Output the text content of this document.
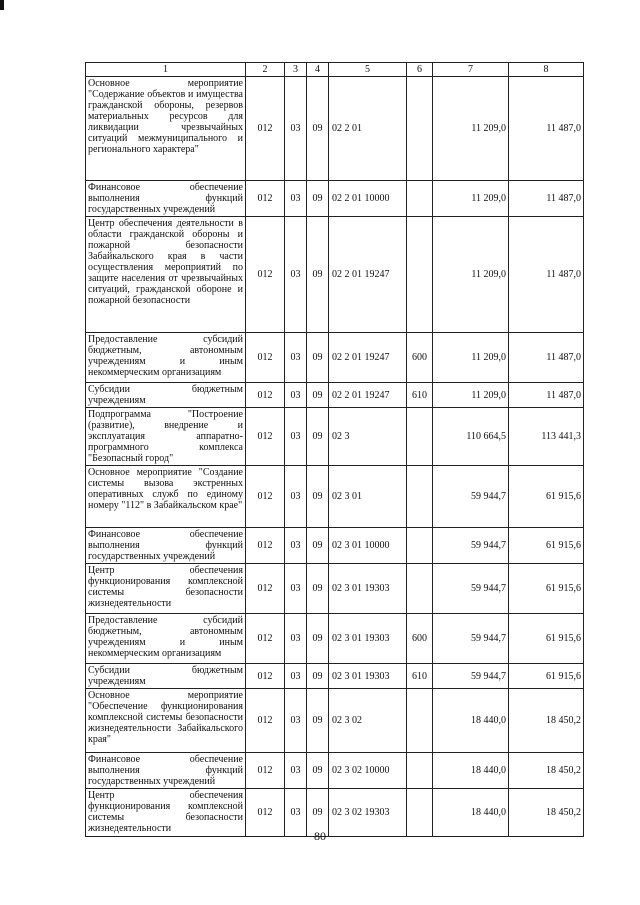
1	2	3	4	5	6	7	8
Основное мероприятие "Содержание объектов и имущества гражданской обороны, резервов материальных ресурсов для ликвидации чрезвычайных ситуаций межмуниципального и регионального характера"	012	03	09	02 2 01		11 209,0	11 487,0
Финансовое обеспечение выполнения функций государственных учреждений	012	03	09	02 2 01 10000		11 209,0	11 487,0
Центр обеспечения деятельности в области гражданской обороны и пожарной безопасности Забайкальского края в части осуществления мероприятий по защите населения от чрезвычайных ситуаций, гражданской обороне и пожарной безопасности	012	03	09	02 2 01 19247		11 209,0	11 487,0
Предоставление субсидий бюджетным, автономным учреждениям и иным некоммерческим организациям	012	03	09	02 2 01 19247	600	11 209,0	11 487,0
Субсидии бюджетным учреждениям	012	03	09	02 2 01 19247	610	11 209,0	11 487,0
Подпрограмма "Построение (развитие), внедрение и эксплуатация аппаратно-программного комплекса "Безопасный город"	012	03	09	02 3		110 664,5	113 441,3
Основное мероприятие "Создание системы вызова экстренных оперативных служб по единому номеру "112" в Забайкальском крае"	012	03	09	02 3 01		59 944,7	61 915,6
Финансовое обеспечение выполнения функций государственных учреждений	012	03	09	02 3 01 10000		59 944,7	61 915,6
Центр обеспечения функционирования комплексной системы безопасности жизнедеятельности	012	03	09	02 3 01 19303		59 944,7	61 915,6
Предоставление субсидий бюджетным, автономным учреждениям и иным некоммерческим организациям	012	03	09	02 3 01 19303	600	59 944,7	61 915,6
Субсидии бюджетным учреждениям	012	03	09	02 3 01 19303	610	59 944,7	61 915,6
Основное мероприятие "Обеспечение функционирования комплексной системы безопасности жизнедеятельности Забайкальского края"	012	03	09	02 3 02		18 440,0	18 450,2
Финансовое обеспечение выполнения функций государственных учреждений	012	03	09	02 3 02 10000		18 440,0	18 450,2
Центр обеспечения функционирования комплексной системы безопасности жизнедеятельности	012	03	09	02 3 02 19303		18 440,0	18 450,2
80
